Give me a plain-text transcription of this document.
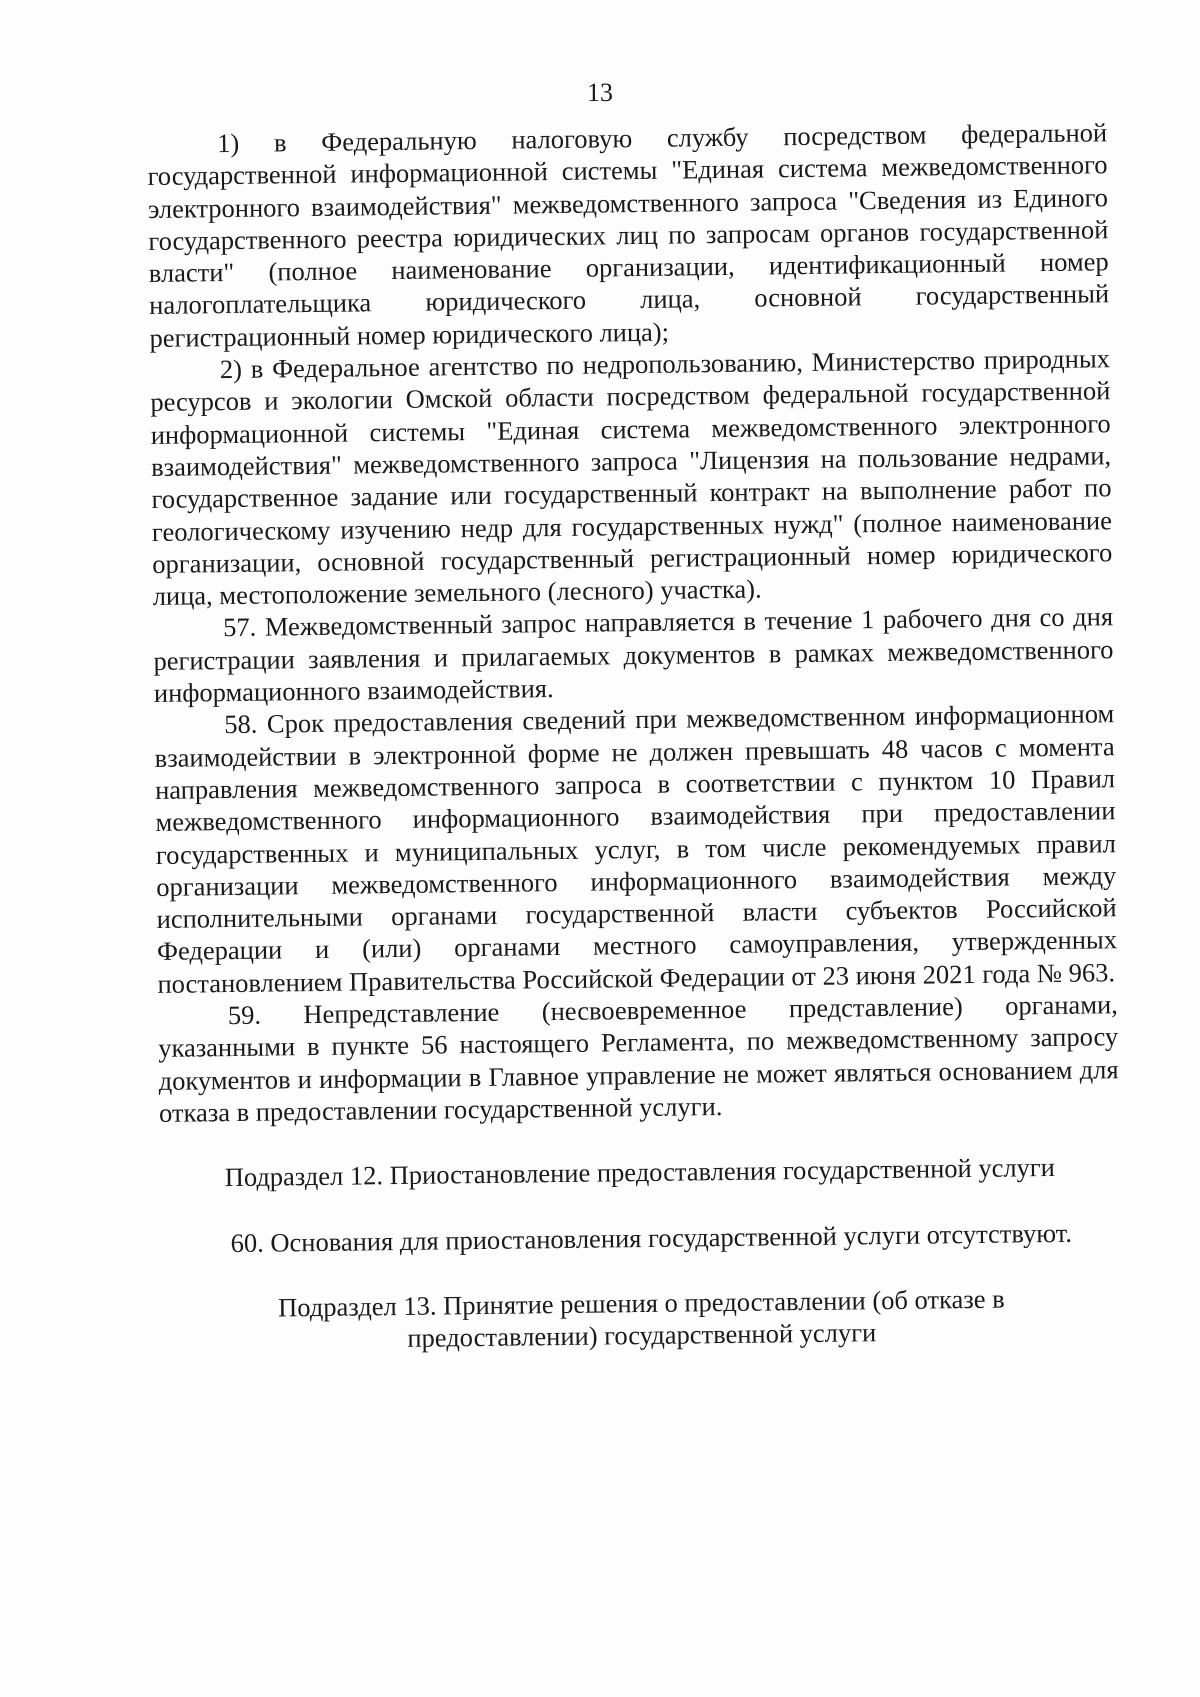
13

1) в Федеральную налоговую службу посредством федеральной государственной информационной системы "Единая система межведомственного электронного взаимодействия" межведомственного запроса "Сведения из Единого государственного реестра юридических лиц по запросам органов государственной власти" (полное наименование организации, идентификационный номер налогоплательщика юридического лица, основной государственный регистрационный номер юридического лица);

2) в Федеральное агентство по недропользованию, Министерство природных ресурсов и экологии Омской области посредством федеральной государственной информационной системы "Единая система межведомственного электронного взаимодействия" межведомственного запроса "Лицензия на пользование недрами, государственное задание или государственный контракт на выполнение работ по геологическому изучению недр для государственных нужд" (полное наименование организации, основной государственный регистрационный номер юридического лица, местоположение земельного (лесного) участка).

57. Межведомственный запрос направляется в течение 1 рабочего дня со дня регистрации заявления и прилагаемых документов в рамках межведомственного информационного взаимодействия.

58. Срок предоставления сведений при межведомственном информационном взаимодействии в электронной форме не должен превышать 48 часов с момента направления межведомственного запроса в соответствии с пунктом 10 Правил межведомственного информационного взаимодействия при предоставлении государственных и муниципальных услуг, в том числе рекомендуемых правил организации межведомственного информационного взаимодействия между исполнительными органами государственной власти субъектов Российской Федерации и (или) органами местного самоуправления, утвержденных постановлением Правительства Российской Федерации от 23 июня 2021 года № 963.

59. Непредставление (несвоевременное представление) органами, указанными в пункте 56 настоящего Регламента, по межведомственному запросу документов и информации в Главное управление не может являться основанием для отказа в предоставлении государственной услуги.

Подраздел 12. Приостановление предоставления государственной услуги

60. Основания для приостановления государственной услуги отсутствуют.

Подраздел 13. Принятие решения о предоставлении (об отказе в предоставлении) государственной услуги
